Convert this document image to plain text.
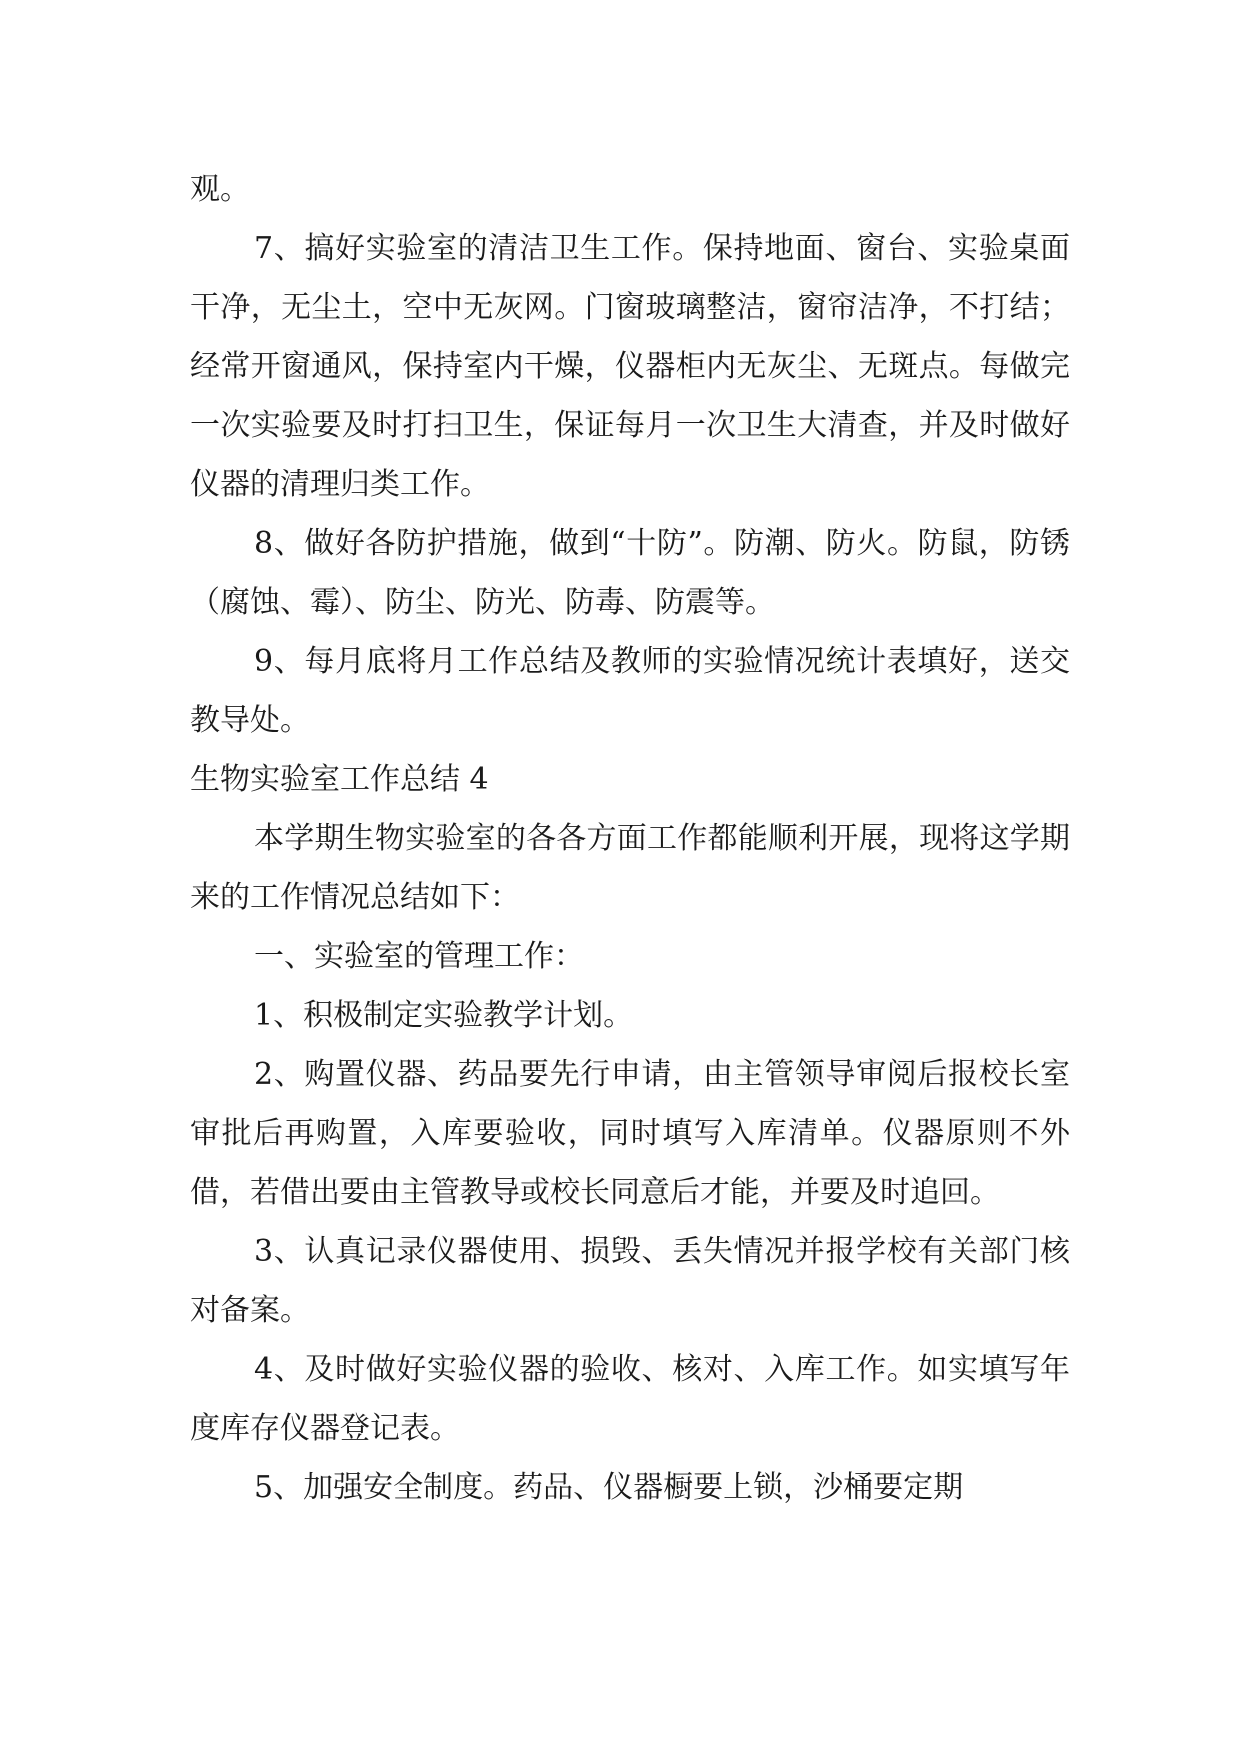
观。

7、搞好实验室的清洁卫生工作。保持地面、窗台、实验桌面干净，无尘土，空中无灰网。门窗玻璃整洁，窗帘洁净，不打结；经常开窗通风，保持室内干燥，仪器柜内无灰尘、无斑点。每做完一次实验要及时打扫卫生，保证每月一次卫生大清查，并及时做好仪器的清理归类工作。

8、做好各防护措施，做到“十防”。防潮、防火。防鼠，防锈（腐蚀、霉）、防尘、防光、防毒、防震等。

9、每月底将月工作总结及教师的实验情况统计表填好，送交教导处。

生物实验室工作总结 4

本学期生物实验室的各各方面工作都能顺利开展，现将这学期来的工作情况总结如下：

一、实验室的管理工作：

1、积极制定实验教学计划。

2、购置仪器、药品要先行申请，由主管领导审阅后报校长室审批后再购置，入库要验收，同时填写入库清单。仪器原则不外借，若借出要由主管教导或校长同意后才能，并要及时追回。

3、认真记录仪器使用、损毁、丢失情况并报学校有关部门核对备案。

4、及时做好实验仪器的验收、核对、入库工作。如实填写年度库存仪器登记表。

5、加强安全制度。药品、仪器橱要上锁，沙桶要定期
